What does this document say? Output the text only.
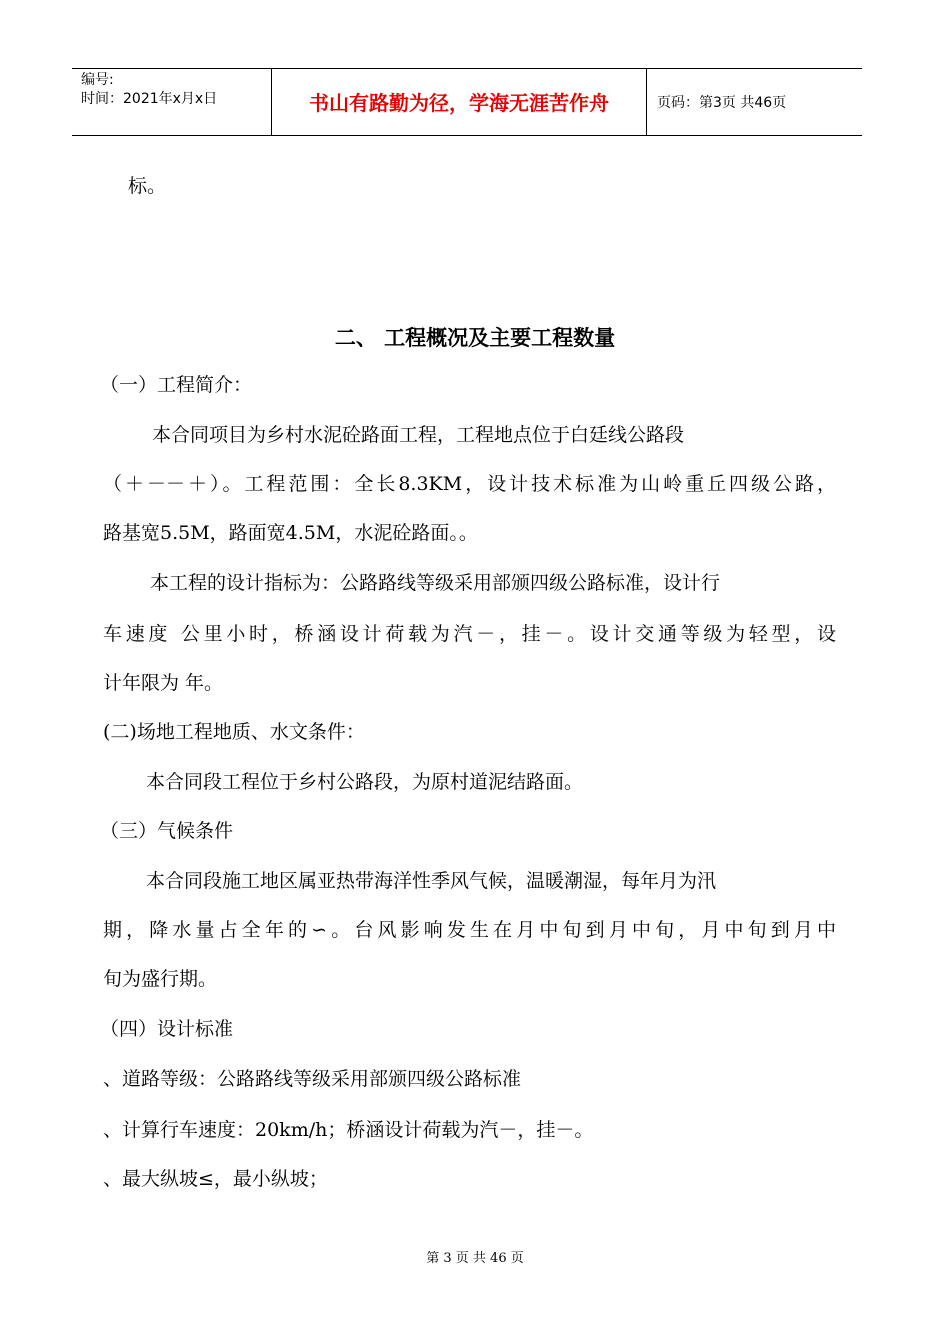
编号:
时间：2021年x月x日	书山有路勤为径，学海无涯苦作舟	页码：第3页 共46页
标。
二、 工程概况及主要工程数量
（一）工程简介：
本合同项目为乡村水泥砼路面工程，工程地点位于白廷线公路段
（＋－－＋）。工程范围：全长8.3KM，设计技术标准为山岭重丘四级公路，
路基宽5.5M，路面宽4.5M，水泥砼路面。。
本工程的设计指标为：公路路线等级采用部颁四级公路标准，设计行
车速度 公里小时，桥涵设计荷载为汽－，挂－。设计交通等级为轻型，设
计年限为 年。
(二)场地工程地质、水文条件：
本合同段工程位于乡村公路段，为原村道泥结路面。
（三）气候条件
本合同段施工地区属亚热带海洋性季风气候，温暖潮湿，每年月为汛
期，降水量占全年的∽。台风影响发生在月中旬到月中旬，月中旬到月中
旬为盛行期。
（四）设计标准
、道路等级：公路路线等级采用部颁四级公路标准
、计算行车速度：20km/h；桥涵设计荷载为汽－，挂－。
、最大纵坡≤，最小纵坡；
第 3 页 共 46 页
